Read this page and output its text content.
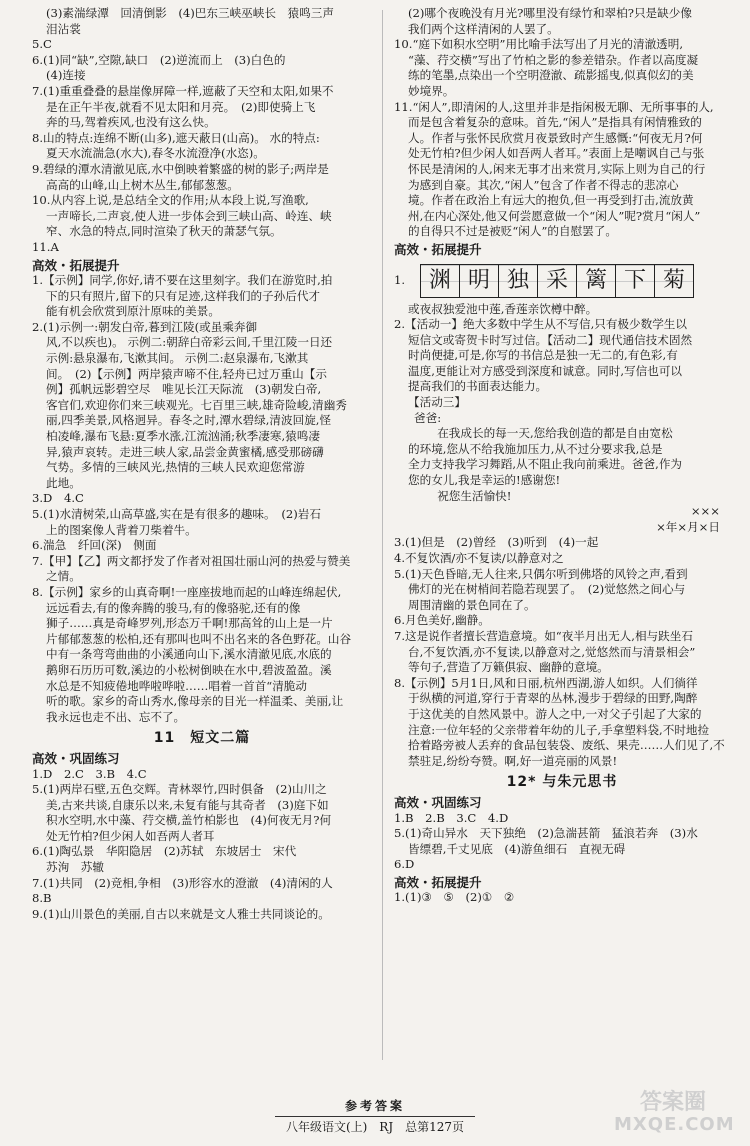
(3)素湍绿潭　回清倒影　(4)巴东三峡巫峡长　猿鸣三声
泪沾裳
5.C
6.(1)同“缺”,空隙,缺口　(2)逆流而上　(3)白色的
(4)连接
7.(1)重重叠叠的悬崖像屏障一样,遮蔽了天空和太阳,如果不
是在正午半夜,就看不见太阳和月亮。　(2)即使骑上飞
奔的马,驾着疾风,也没有这么快。
8.山的特点:连绵不断(山多),遮天蔽日(山高)。 水的特点:
夏天水流湍急(水大),春冬水流澄净(水恣)。
9.碧绿的潭水清澈见底,水中倒映着繁盛的树的影子;两岸是
高高的山峰,山上树木丛生,郁郁葱葱。
10.从内容上说,是总结全文的作用;从本段上说,写渔歌,
一声啼长,二声哀,使人进一步体会到三峡山高、岭连、峡
窄、水急的特点,同时渲染了秋天的萧瑟气氛。
11.A
高效・拓展提升
1.【示例】同学,你好,请不要在这里刻字。我们在游览时,拍
下的只有照片,留下的只有足迹,这样我们的子孙后代才
能有机会欣赏到原汁原味的美景。
2.(1)示例一:朝发白帝,暮到江陵(或虽乘奔御
风,不以疾也)。 示例二:朝辞白帝彩云间,千里江陵一日还
示例:悬泉瀑布,飞漱其间。 示例二:赵泉瀑布,飞漱其
间。　(2)【示例】两岸猿声啼不住,轻舟已过万重山【示
例】孤帆远影碧空尽　唯见长江天际流　(3)朝发白帝,
客官们,欢迎你们来三峡观光。七百里三峡,雄奇险峻,清幽秀
丽,四季美景,风格迥异。春冬之时,潭水碧绿,清波回旋,怪
柏凌峰,瀑布飞悬:夏季水涨,江流汹涌;秋季凄寒,猿鸣凄
异,猿声哀转。走进三峡人家,品尝金黄蜜橘,感受那磅礴
气势。多情的三峡风光,热情的三峡人民欢迎您常游
此地。
3.D　4.C
5.(1)水清树荣,山高草盛,实在是有很多的趣味。　(2)岩石
上的图案像人背着刀柴着牛。
6.湍急　纤回(深)　侧面
7.【甲】【乙】两文都抒发了作者对祖国壮丽山河的热爱与赞美
之情。
8.【示例】家乡的山真奇啊!一座座拔地而起的山峰连绵起伏,
远远看去,有的像奔腾的骏马,有的像骆驼,还有的像
狮子……真是奇峰罗列,形态万千啊!那高耸的山上是一片
片郁郁葱葱的松柏,还有那叫也叫不出名来的各色野花。山谷
中有一条弯弯曲曲的小溪通向山下,溪水清澈见底,水底的
鹅卵石历历可数,溪边的小松树倒映在水中,碧波盈盈。溪
水总是不知疲倦地哗啦哗啦……唱着一首首“清脆动
听的歌。家乡的奇山秀水,像母亲的目光一样温柔、美丽,让
我永远也走不出、忘不了。
11　短文二篇
高效・巩固练习
1.D　2.C　3.B　4.C
5.(1)两岸石壁,五色交辉。青林翠竹,四时俱备　(2)山川之
美,古来共谈,自康乐以来,未复有能与其奇者　(3)庭下如
积水空明,水中藻、荇交横,盖竹柏影也　(4)何夜无月?何
处无竹柏?但少闲人如吾两人者耳
6.(1)陶弘景　华阳隐居　(2)苏轼　东坡居士　宋代
苏洵　苏辙
7.(1)共同　(2)竞相,争相　(3)形容水的澄澈　(4)清闲的人
8.B
9.(1)山川景色的美丽,自古以来就是文人雅士共同谈论的。
(2)哪个夜晚没有月光?哪里没有绿竹和翠柏?只是缺少像
我们两个这样清闲的人罢了。
10.“庭下如积水空明”用比喻手法写出了月光的清澈透明,
“藻、荇交横”写出了竹柏之影的参差错杂。作者以高度凝
练的笔墨,点染出一个空明澄澈、疏影摇曳,似真似幻的美
妙境界。
11.“闲人”,即清闲的人,这里并非是指闲极无聊、无所事事的人,
而是包含着复杂的意味。首先,“闲人”是指具有闲情雅致的
人。作者与张怀民欣赏月夜景致时产生感慨:“何夜无月?何
处无竹柏?但少闲人如吾两人者耳。”表面上是嘲讽自己与张
怀民是清闲的人,闲来无事才出来赏月,实际上则为自己的行
为感到自豪。其次,“闲人”包含了作者不得志的悲凉心
境。作者在政治上有远大的抱负,但一再受到打击,流放黄
州,在内心深处,他又何尝愿意做一个“闲人”呢?赏月“闲人”
的自得只不过是被贬“闲人”的自慰罢了。
高效・拓展提升
1.	渊 明 独 采 篱 下 菊
或夜叔独爱池中莲,香莲亲饮樽中醉。
2.【活动一】绝大多数中学生从不写信,只有极少数学生以
短信文或寄贺卡时写过信。【活动二】现代通信技术固然
时尚便捷,可是,你写的书信总是独一无二的,有色彩,有
温度,更能让对方感受到深度和诚意。同时,写信也可以
提高我们的书面表达能力。
【活动三】
爸爸:
　　在我成长的每一天,您给我创造的都是自由宽松
的环境,您从不给我施加压力,从不过分要求我,总是
全力支持我学习舞蹈,从不阻止我向前乘进。爸爸,作为
您的女儿,我是幸运的!感谢您!
　　祝您生活愉快!
×××
×年×月×日
3.(1)但是　(2)曾经　(3)听到　(4)一起
4.不复饮酒/亦不复读/以静意对之
5.(1)天色昏暗,无人往来,只偶尔听到佛塔的风铃之声,看到
佛灯的光在树梢间若隐若现罢了。　(2)觉悠然之间心与
周围清幽的景色同在了。
6.月色美好,幽静。
7.这是说作者擅长营造意境。如“夜半月出无人,相与趺坐石
台,不复饮酒,亦不复读,以静意对之,觉悠然而与清景相会”
等句子,营造了万籁俱寂、幽静的意境。
8.【示例】5月1日,风和日丽,杭州西湖,游人如织。人们徜徉
于纵横的河道,穿行于青翠的丛林,漫步于碧绿的田野,陶醉
于这优美的自然风景中。游人之中,一对父子引起了大家的
注意:一位年轻的父亲带着年幼的儿子,手拿塑料袋,不时地捡
拾着路旁被人丢弃的食品包装袋、废纸、果壳……人们见了,不
禁驻足,纷纷夸赞。啊,好一道亮丽的风景!
12* 与朱元思书
高效・巩固练习
1.B　2.B　3.C　4.D
5.(1)奇山异水　天下独绝　(2)急湍甚箭　猛浪若奔　(3)水
皆缥碧,千丈见底　(4)游鱼细石　直视无碍
6.D
高效・拓展提升
1.(1)③　⑤　(2)①　②
参考答案
八年级语文(上)　RJ　总第127页
答案圈
MXQE.COM
